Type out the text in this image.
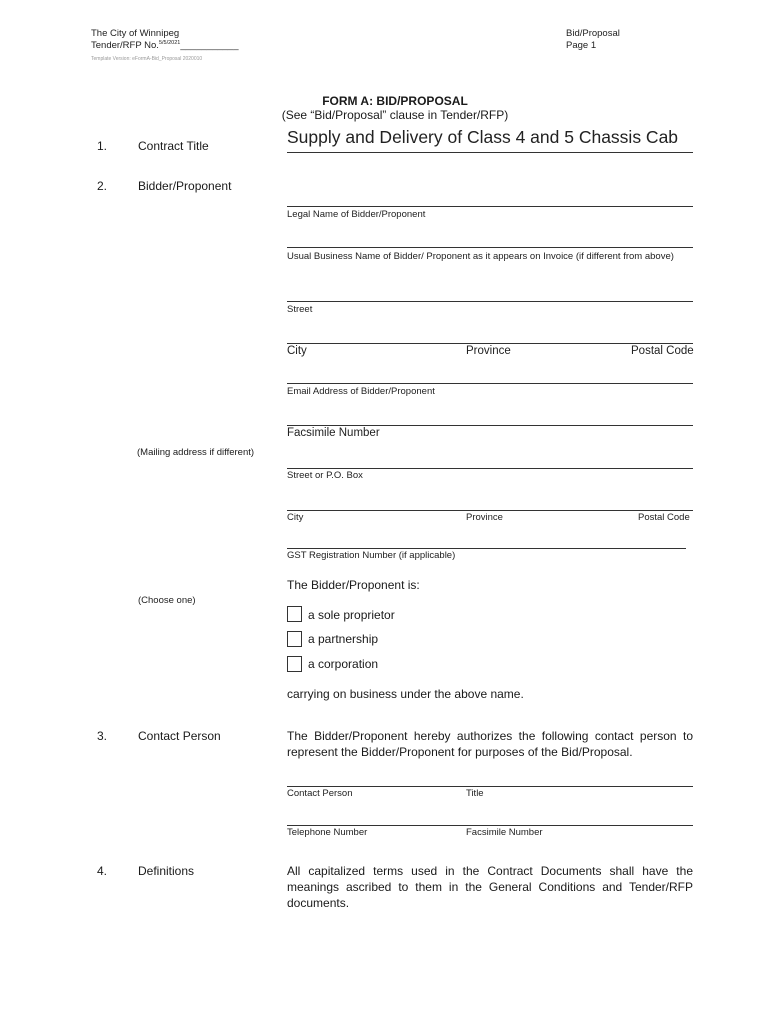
The City of Winnipeg
Tender/RFP No.$^{5/5/2021}$___________
Template Version: eFormA-Bid_Proposal 2020010
Bid/Proposal
Page 1
FORM A: BID/PROPOSAL
(See “Bid/Proposal” clause in Tender/RFP)
1.	Contract Title	Supply and Delivery of Class 4 and 5 Chassis Cab
2.	Bidder/Proponent
Legal Name of Bidder/Proponent
Usual Business Name of Bidder/ Proponent as it appears on Invoice (if different from above)
Street
City	Province	Postal Code
Email Address of Bidder/Proponent
Facsimile Number
(Mailing address if different)
Street or P.O. Box
City	Province	Postal Code
GST Registration Number (if applicable)
The Bidder/Proponent is:
(Choose one)
a sole proprietor
a partnership
a corporation
carrying on business under the above name.
3.	Contact Person	The Bidder/Proponent hereby authorizes the following contact person to represent the Bidder/Proponent for purposes of the Bid/Proposal.
Contact Person	Title
Telephone Number	Facsimile Number
4.	Definitions	All capitalized terms used in the Contract Documents shall have the meanings ascribed to them in the General Conditions and Tender/RFP documents.
